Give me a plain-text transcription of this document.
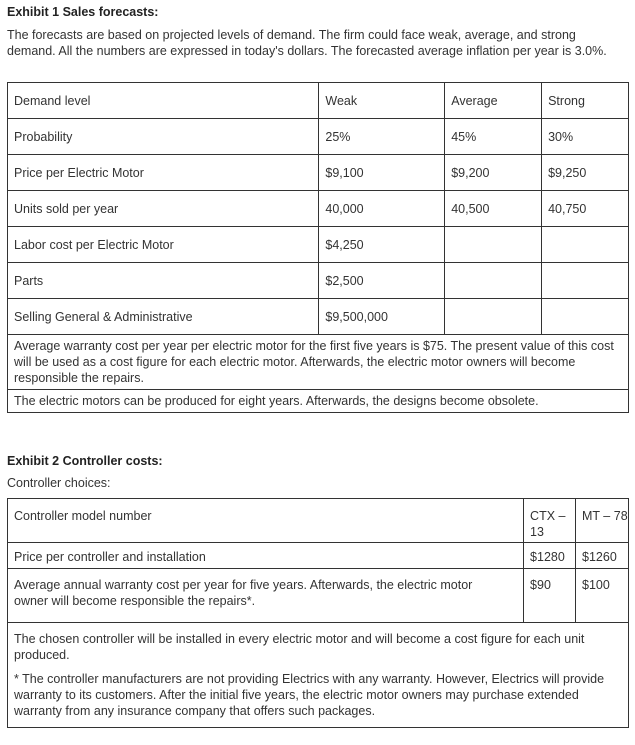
Exhibit 1 Sales forecasts:
The forecasts are based on projected levels of demand. The firm could face weak, average, and strong demand. All the numbers are expressed in today's dollars. The forecasted average inflation per year is 3.0%.
Demand level	Weak	Average	Strong
Probability	25%	45%	30%
Price per Electric Motor	$9,100	$9,200	$9,250
Units sold per year	40,000	40,500	40,750
Labor cost per Electric Motor	$4,250		
Parts	$2,500		
Selling General & Administrative	$9,500,000		
Average warranty cost per year per electric motor for the first five years is $75. The present value of this cost will be used as a cost figure for each electric motor. Afterwards, the electric motor owners will become responsible the repairs.			
The electric motors can be produced for eight years. Afterwards, the designs become obsolete.			
Exhibit 2 Controller costs:
Controller choices:
Controller model number	CTX – 13	MT – 78
Price per controller and installation	$1280	$1260
Average annual warranty cost per year for five years. Afterwards, the electric motor owner will become responsible the repairs*.	$90	$100

The chosen controller will be installed in every electric motor and will become a cost figure for each unit produced.
* The controller manufacturers are not providing Electrics with any warranty. However, Electrics will provide warranty to its customers. After the initial five years, the electric motor owners may purchase extended warranty from any insurance company that offers such packages.		
